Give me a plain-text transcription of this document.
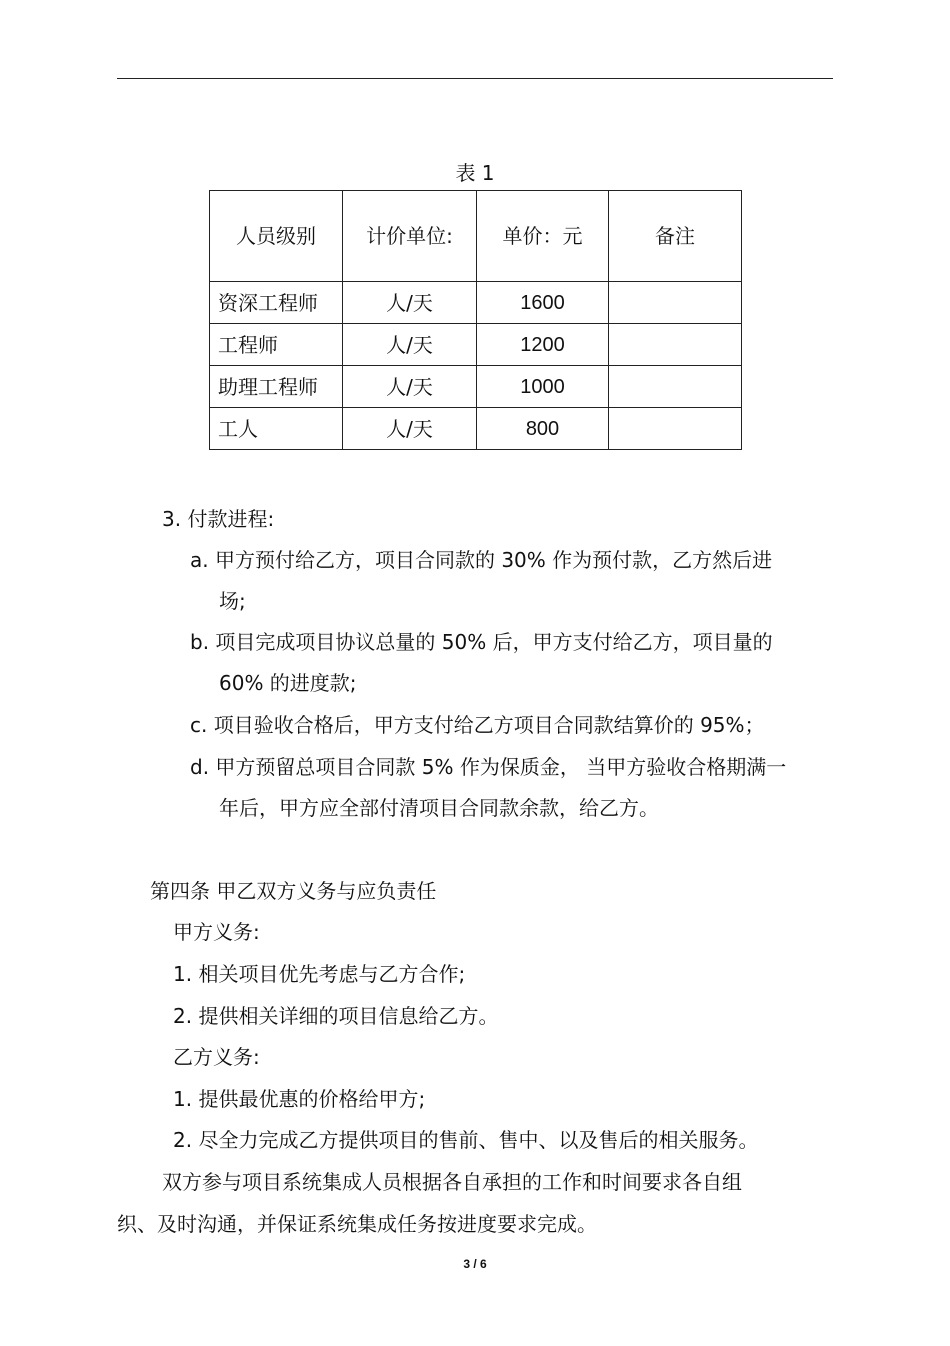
表 1
人员级别	计价单位:	单价：元	备注
资深工程师	人/天	1600	
工程师	人/天	1200	
助理工程师	人/天	1000	
工人	人/天	800	
3. 付款进程:
a. 甲方预付给乙方，项目合同款的 30% 作为预付款，乙方然后进
场;
b. 项目完成项目协议总量的 50% 后，甲方支付给乙方，项目量的
60% 的进度款;
c. 项目验收合格后，甲方支付给乙方项目合同款结算价的 95%；
d. 甲方预留总项目合同款 5% 作为保质金， 当甲方验收合格期满一
年后，甲方应全部付清项目合同款余款，给乙方。
第四条 甲乙双方义务与应负责任
甲方义务:
1. 相关项目优先考虑与乙方合作;
2. 提供相关详细的项目信息给乙方。
乙方义务:
1. 提供最优惠的价格给甲方;
2. 尽全力完成乙方提供项目的售前、售中、以及售后的相关服务。
双方参与项目系统集成人员根据各自承担的工作和时间要求各自组
织、及时沟通，并保证系统集成任务按进度要求完成。
3 / 6
